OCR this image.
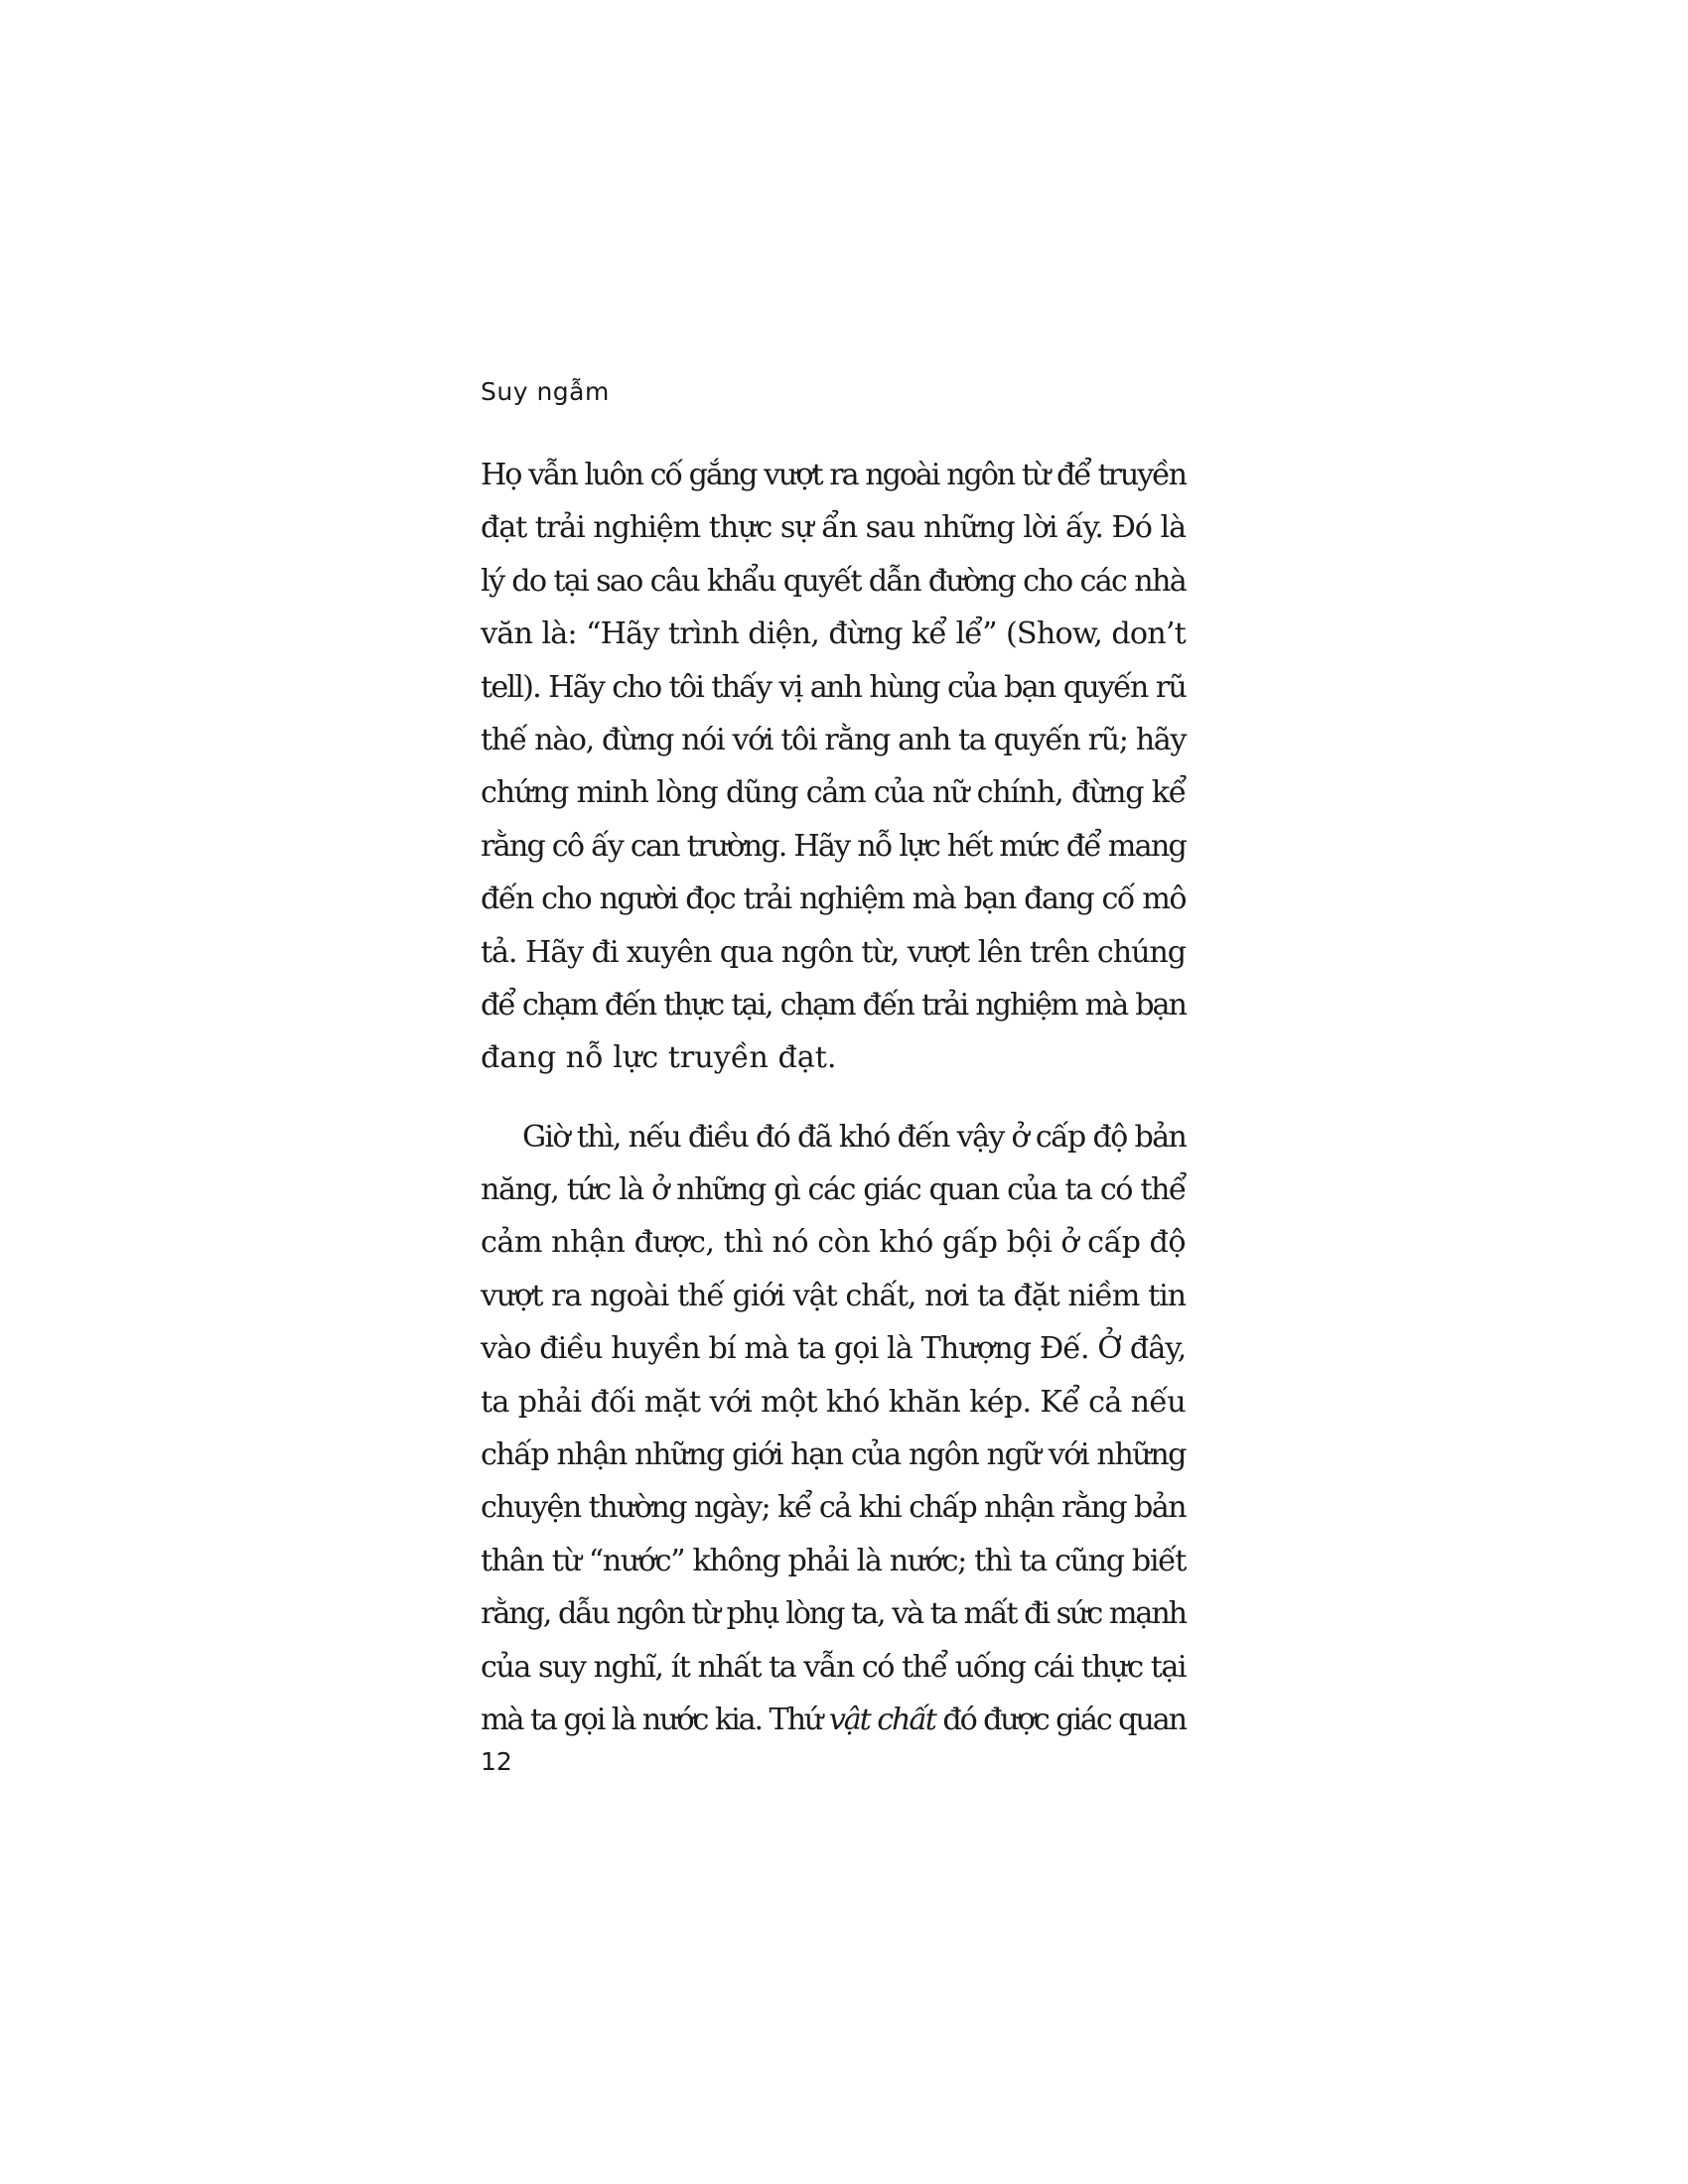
Suy ngẫm
Họ vẫn luôn cố gắng vượt ra ngoài ngôn từ để truyền
đạt trải nghiệm thực sự ẩn sau những lời ấy. Đó là
lý do tại sao câu khẩu quyết dẫn đường cho các nhà
văn là: “Hãy trình diện, đừng kể lể” (Show, don’t
tell). Hãy cho tôi thấy vị anh hùng của bạn quyến rũ
thế nào, đừng nói với tôi rằng anh ta quyến rũ; hãy
chứng minh lòng dũng cảm của nữ chính, đừng kể
rằng cô ấy can trường. Hãy nỗ lực hết mức để mang
đến cho người đọc trải nghiệm mà bạn đang cố mô
tả. Hãy đi xuyên qua ngôn từ, vượt lên trên chúng
để chạm đến thực tại, chạm đến trải nghiệm mà bạn
đang nỗ lực truyền đạt.
Giờ thì, nếu điều đó đã khó đến vậy ở cấp độ bản
năng, tức là ở những gì các giác quan của ta có thể
cảm nhận được, thì nó còn khó gấp bội ở cấp độ
vượt ra ngoài thế giới vật chất, nơi ta đặt niềm tin
vào điều huyền bí mà ta gọi là Thượng Đế. Ở đây,
ta phải đối mặt với một khó khăn kép. Kể cả nếu
chấp nhận những giới hạn của ngôn ngữ với những
chuyện thường ngày; kể cả khi chấp nhận rằng bản
thân từ “nước” không phải là nước; thì ta cũng biết
rằng, dẫu ngôn từ phụ lòng ta, và ta mất đi sức mạnh
của suy nghĩ, ít nhất ta vẫn có thể uống cái thực tại
mà ta gọi là nước kia. Thứ vật chất đó được giác quan
12
